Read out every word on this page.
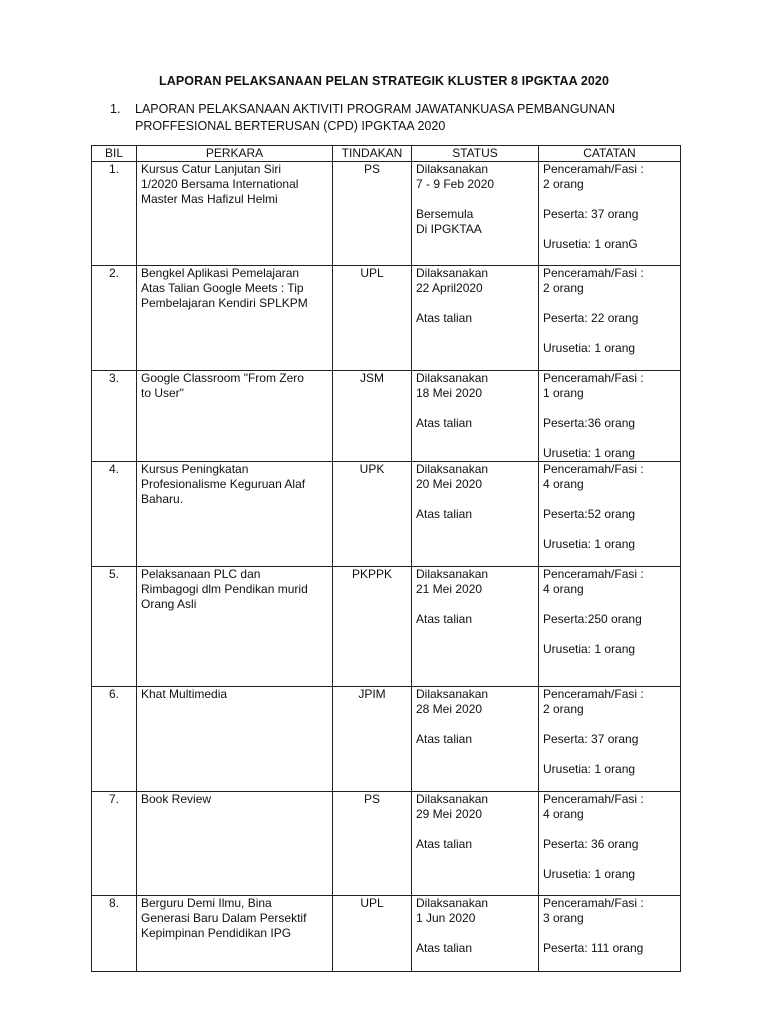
LAPORAN PELAKSANAAN PELAN STRATEGIK KLUSTER 8 IPGKTAA 2020
1.	LAPORAN PELAKSANAAN AKTIVITI PROGRAM JAWATANKUASA PEMBANGUNAN
PROFFESIONAL BERTERUSAN (CPD) IPGKTAA 2020
BIL	PERKARA	TINDAKAN	STATUS	CATATAN
1.	Kursus Catur Lanjutan Siri
1/2020 Bersama International
Master Mas Hafizul Helmi	PS	Dilaksanakan
7 - 9 Feb 2020
Bersemula
Di IPGKTAA	Penceramah/Fasi :
2 orang
Peserta: 37 orang
Urusetia: 1 oranG

2.	Bengkel Aplikasi Pemelajaran
Atas Talian Google Meets : Tip
Pembelajaran Kendiri SPLKPM	UPL	Dilaksanakan
22 April2020
Atas talian	Penceramah/Fasi :
2 orang
Peserta: 22 orang
Urusetia: 1 orang

3.	Google Classroom "From Zero
to User"	JSM	Dilaksanakan
18 Mei 2020
Atas talian	Penceramah/Fasi :
1 orang
Peserta:36 orang
Urusetia: 1 orang

4.	Kursus Peningkatan
Profesionalisme Keguruan Alaf
Baharu.	UPK	Dilaksanakan
20 Mei 2020
Atas talian	Penceramah/Fasi :
4 orang
Peserta:52 orang
Urusetia: 1 orang

5.	Pelaksanaan PLC dan
Rimbagogi dlm Pendikan murid
Orang Asli	PKPPK	Dilaksanakan
21 Mei 2020
Atas talian	Penceramah/Fasi :
4 orang
Peserta:250 orang
Urusetia: 1 orang

6.	Khat Multimedia	JPIM	Dilaksanakan
28 Mei 2020
Atas talian	Penceramah/Fasi :
2 orang
Peserta: 37 orang
Urusetia: 1 orang

7.	Book Review	PS	Dilaksanakan
29 Mei 2020
Atas talian	Penceramah/Fasi :
4 orang
Peserta: 36 orang
Urusetia: 1 orang

8.	Berguru Demi Ilmu, Bina
Generasi Baru Dalam Persektif
Kepimpinan Pendidikan IPG	UPL	Dilaksanakan
1 Jun 2020
Atas talian	Penceramah/Fasi :
3 orang
Peserta: 111 orang
